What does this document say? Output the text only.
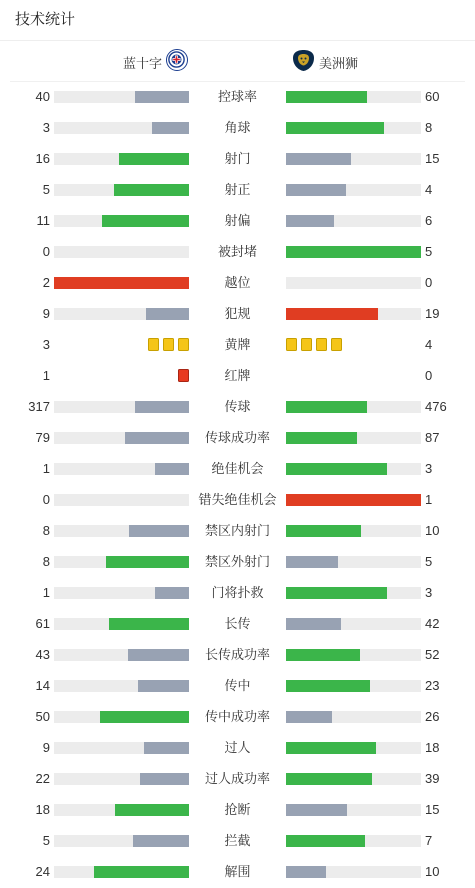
技术统计
蓝十字	美洲狮
40	控球率	60
3	角球	8
16	射门	15
5	射正	4
11	射偏	6
0	被封堵	5
2	越位	0
9	犯规	19
3	黄牌	4
1	红牌	0
317	传球	476
79	传球成功率	87
1	绝佳机会	3
0	错失绝佳机会	1
8	禁区内射门	10
8	禁区外射门	5
1	门将扑救	3
61	长传	42
43	长传成功率	52
14	传中	23
50	传中成功率	26
9	过人	18
22	过人成功率	39
18	抢断	15
5	拦截	7
24	解围	10
